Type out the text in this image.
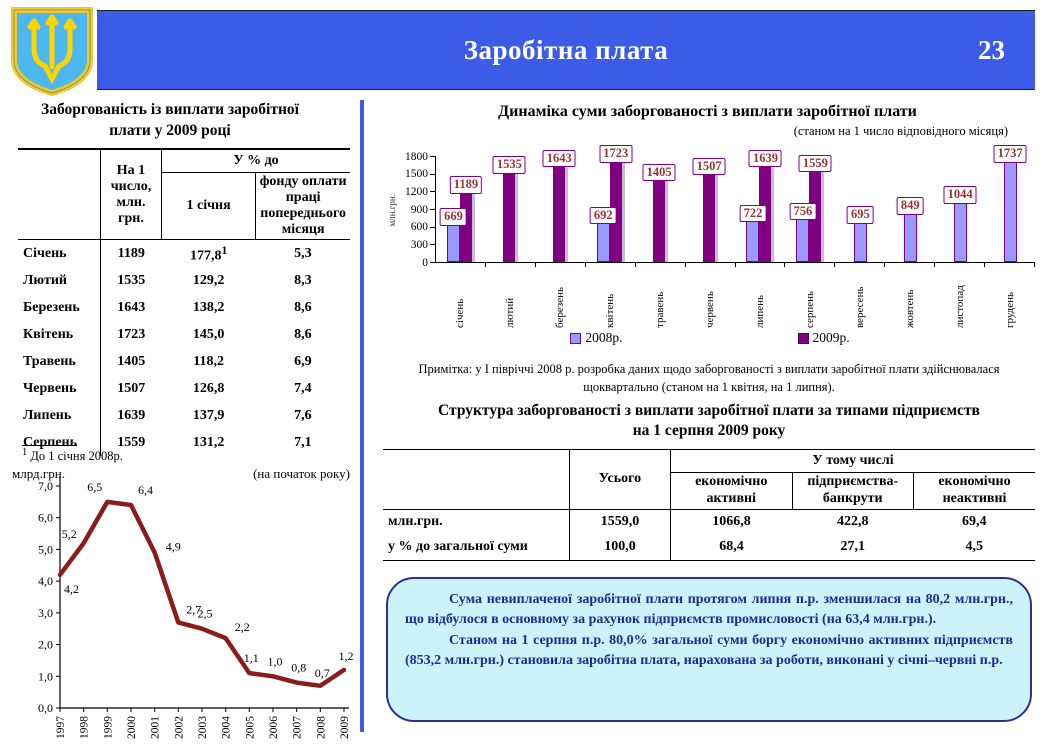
Заробітна плата	23
Заборгованість із виплати заробітної плати у 2009 році
	На 1 число, млн. грн.	У % до	
		1 січня	фонду оплати праці попереднього місяця
Січень	1189	177,8$^1$	5,3
Лютий	1535	129,2	8,3
Березень	1643	138,2	8,6
Квітень	1723	145,0	8,6
Травень	1405	118,2	6,9
Червень	1507	126,8	7,4
Липень	1639	137,9	7,6
Серпень	1559	131,2	7,1
$^1$ До 1 січня 2008р.
млрд.грн.	(на початок року)
0,0
1,0
2,0
3,0
4,0
5,0
6,0
7,0
1997 1998 1999 2000 2001 2002 2003 2004 2005 2006 2007 2008 2009
4,2
5,2
6,5	6,4
4,9
2,7
2,5
2,2
1,1 1,0 0,8 0,7
1,2
Динаміка суми заборгованості з виплати заробітної плати
(станом на 1 число відповідного місяця)
млн.грн.
0
300
600
900
1200
1500
1800
669
1189
1535	1643
692
1723
1405	1507
722
1639
756
1559
695
849
1044
1737
січень	лютий	березень	квітень	травень	червень	липень	серпень	вересень	жовтень	листопад	грудень
2008р.	2009р.
Примітка: у І півріччі 2008 р. розробка даних щодо заборгованості з виплати заробітної плати здійснювалася щоквартально (станом на 1 квітня, на 1 липня).
Структура заборгованості з виплати заробітної плати за типами підприємств
на 1 серпня 2009 року
	Усього	У тому числі		
		економічно активні	підприємства-банкрути	економічно неактивні
млн.грн.	1559,0	1066,8	422,8	69,4
у % до загальної суми	100,0	68,4	27,1	4,5

Сума невиплаченої заробітної плати протягом липня п.р. зменшилася на 80,2 млн.грн., що відбулося в основному за рахунок підприємств промисловості (на 63,4 млн.грн.).

Станом на 1 серпня п.р. 80,0% загальної суми боргу економічно активних підприємств (853,2 млн.грн.) становила заробітна плата, нарахована за роботи, виконані у січні–червні п.р.
